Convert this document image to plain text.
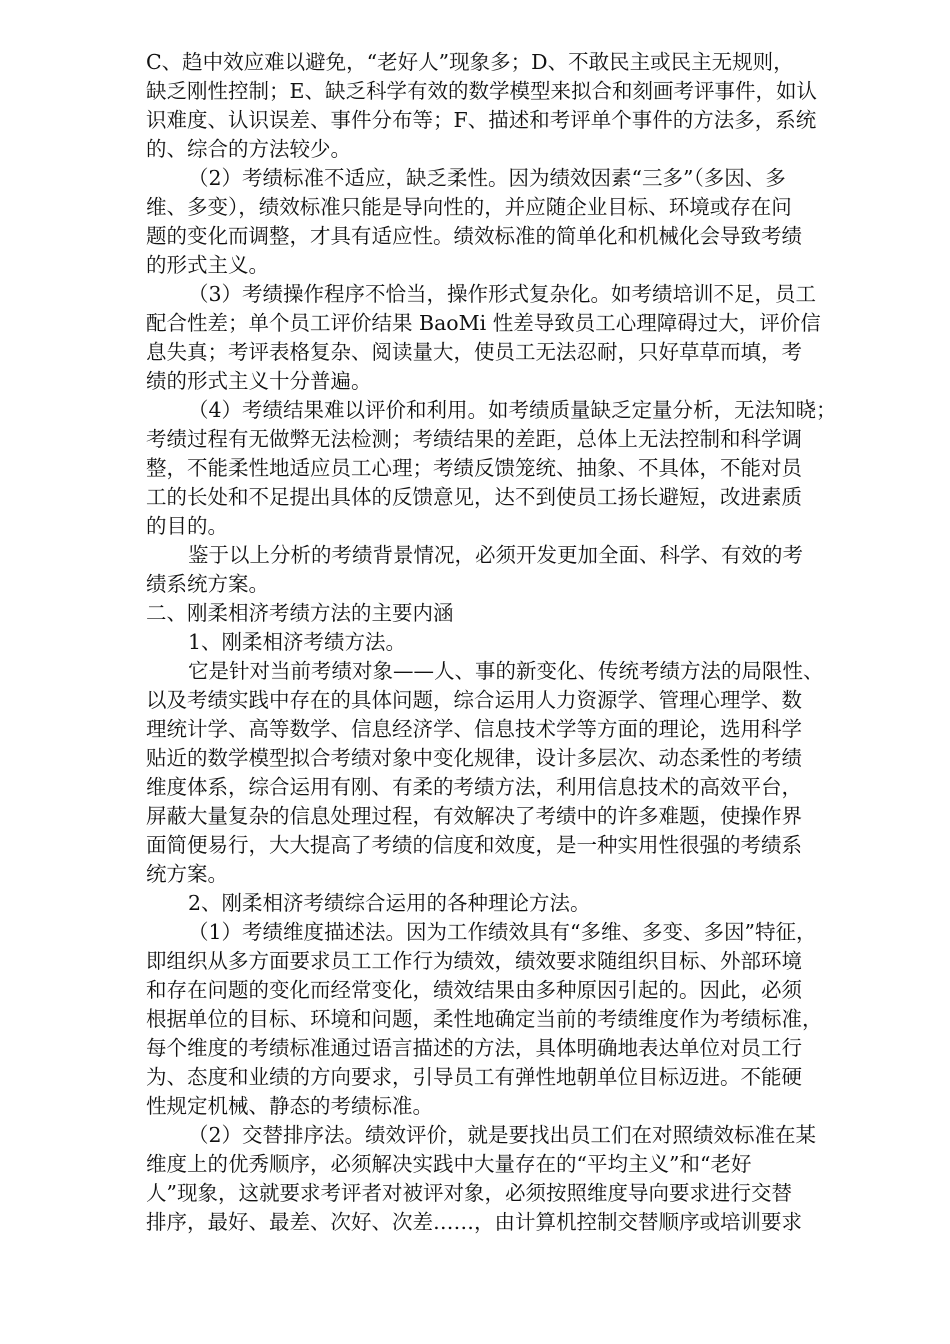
C、趋中效应难以避免，“老好人”现象多；D、不敢民主或民主无规则，
缺乏刚性控制；E、缺乏科学有效的数学模型来拟合和刻画考评事件，如认
识难度、认识误差、事件分布等；F、描述和考评单个事件的方法多，系统
的、综合的方法较少。
（2）考绩标准不适应，缺乏柔性。因为绩效因素“三多”（多因、多
维、多变），绩效标准只能是导向性的，并应随企业目标、环境或存在问
题的变化而调整，才具有适应性。绩效标准的简单化和机械化会导致考绩
的形式主义。
（3）考绩操作程序不恰当，操作形式复杂化。如考绩培训不足，员工
配合性差；单个员工评价结果 BaoMi 性差导致员工心理障碍过大，评价信
息失真；考评表格复杂、阅读量大，使员工无法忍耐，只好草草而填，考
绩的形式主义十分普遍。
（4）考绩结果难以评价和利用。如考绩质量缺乏定量分析，无法知晓；
考绩过程有无做弊无法检测；考绩结果的差距，总体上无法控制和科学调
整，不能柔性地适应员工心理；考绩反馈笼统、抽象、不具体，不能对员
工的长处和不足提出具体的反馈意见，达不到使员工扬长避短，改进素质
的目的。
鉴于以上分析的考绩背景情况，必须开发更加全面、科学、有效的考
绩系统方案。
二、刚柔相济考绩方法的主要内涵
1、刚柔相济考绩方法。
它是针对当前考绩对象——人、事的新变化、传统考绩方法的局限性、
以及考绩实践中存在的具体问题，综合运用人力资源学、管理心理学、数
理统计学、高等数学、信息经济学、信息技术学等方面的理论，选用科学
贴近的数学模型拟合考绩对象中变化规律，设计多层次、动态柔性的考绩
维度体系，综合运用有刚、有柔的考绩方法，利用信息技术的高效平台，
屏蔽大量复杂的信息处理过程，有效解决了考绩中的许多难题，使操作界
面简便易行，大大提高了考绩的信度和效度，是一种实用性很强的考绩系
统方案。
2、刚柔相济考绩综合运用的各种理论方法。
（1）考绩维度描述法。因为工作绩效具有“多维、多变、多因”特征，
即组织从多方面要求员工工作行为绩效，绩效要求随组织目标、外部环境
和存在问题的变化而经常变化，绩效结果由多种原因引起的。因此，必须
根据单位的目标、环境和问题，柔性地确定当前的考绩维度作为考绩标准，
每个维度的考绩标准通过语言描述的方法，具体明确地表达单位对员工行
为、态度和业绩的方向要求，引导员工有弹性地朝单位目标迈进。不能硬
性规定机械、静态的考绩标准。
（2）交替排序法。绩效评价，就是要找出员工们在对照绩效标准在某
维度上的优秀顺序，必须解决实践中大量存在的“平均主义”和“老好
人”现象，这就要求考评者对被评对象，必须按照维度导向要求进行交替
排序，最好、最差、次好、次差……，由计算机控制交替顺序或培训要求
